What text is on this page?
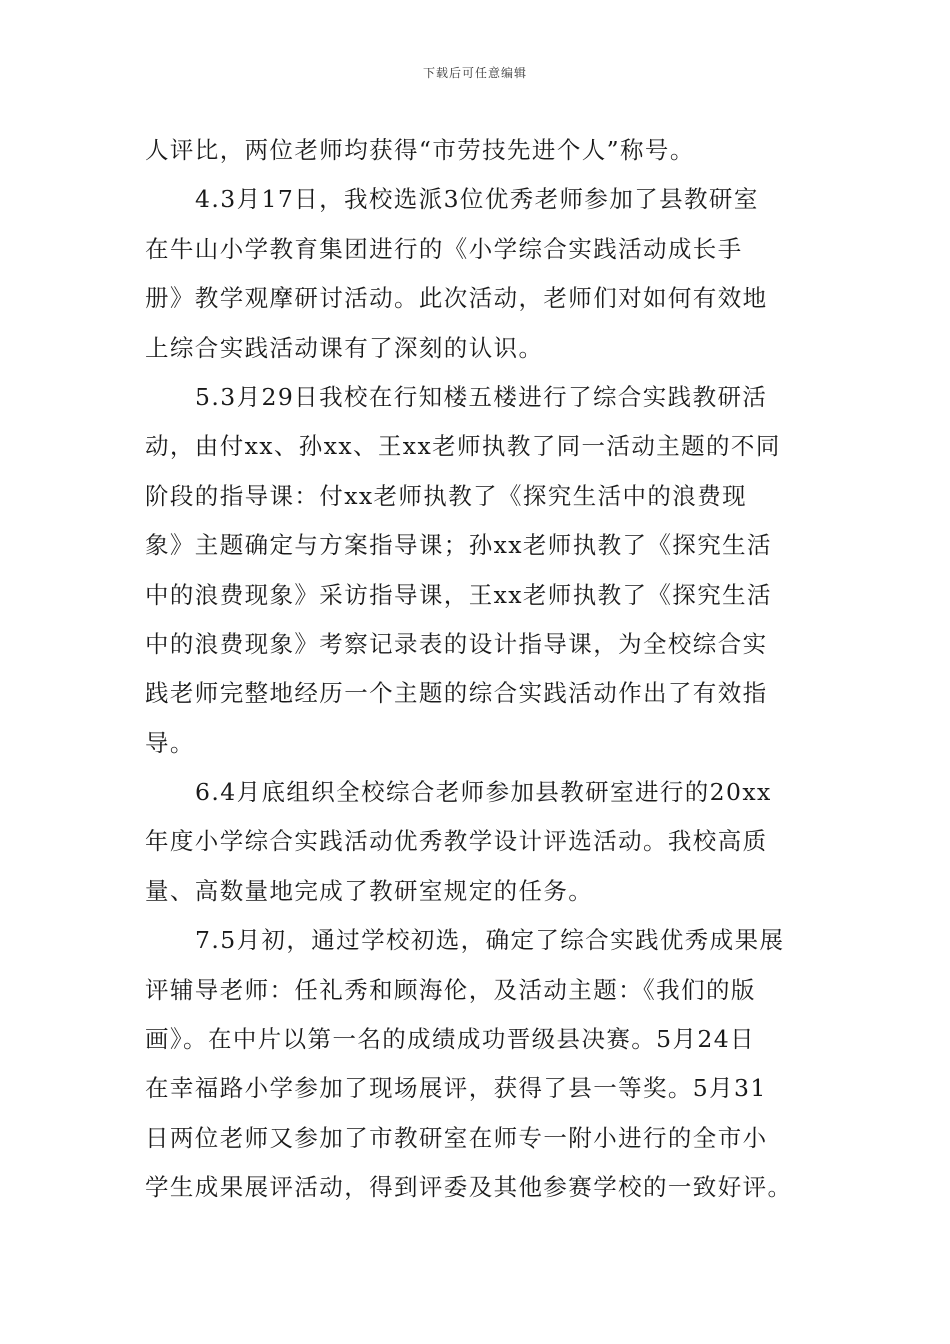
下载后可任意编辑
人评比，两位老师均获得“市劳技先进个人”称号。
4.3月17日，我校选派3位优秀老师参加了县教研室
在牛山小学教育集团进行的《小学综合实践活动成长手
册》教学观摩研讨活动。此次活动，老师们对如何有效地
上综合实践活动课有了深刻的认识。
5.3月29日我校在行知楼五楼进行了综合实践教研活
动，由付xx、孙xx、王xx老师执教了同一活动主题的不同
阶段的指导课：付xx老师执教了《探究生活中的浪费现
象》主题确定与方案指导课；孙xx老师执教了《探究生活
中的浪费现象》采访指导课，王xx老师执教了《探究生活
中的浪费现象》考察记录表的设计指导课，为全校综合实
践老师完整地经历一个主题的综合实践活动作出了有效指
导。
6.4月底组织全校综合老师参加县教研室进行的20xx
年度小学综合实践活动优秀教学设计评选活动。我校高质
量、高数量地完成了教研室规定的任务。
7.5月初，通过学校初选，确定了综合实践优秀成果展
评辅导老师：任礼秀和顾海伦，及活动主题：《我们的版
画》。在中片以第一名的成绩成功晋级县决赛。5月24日
在幸福路小学参加了现场展评，获得了县一等奖。5月31
日两位老师又参加了市教研室在师专一附小进行的全市小
学生成果展评活动，得到评委及其他参赛学校的一致好评。
